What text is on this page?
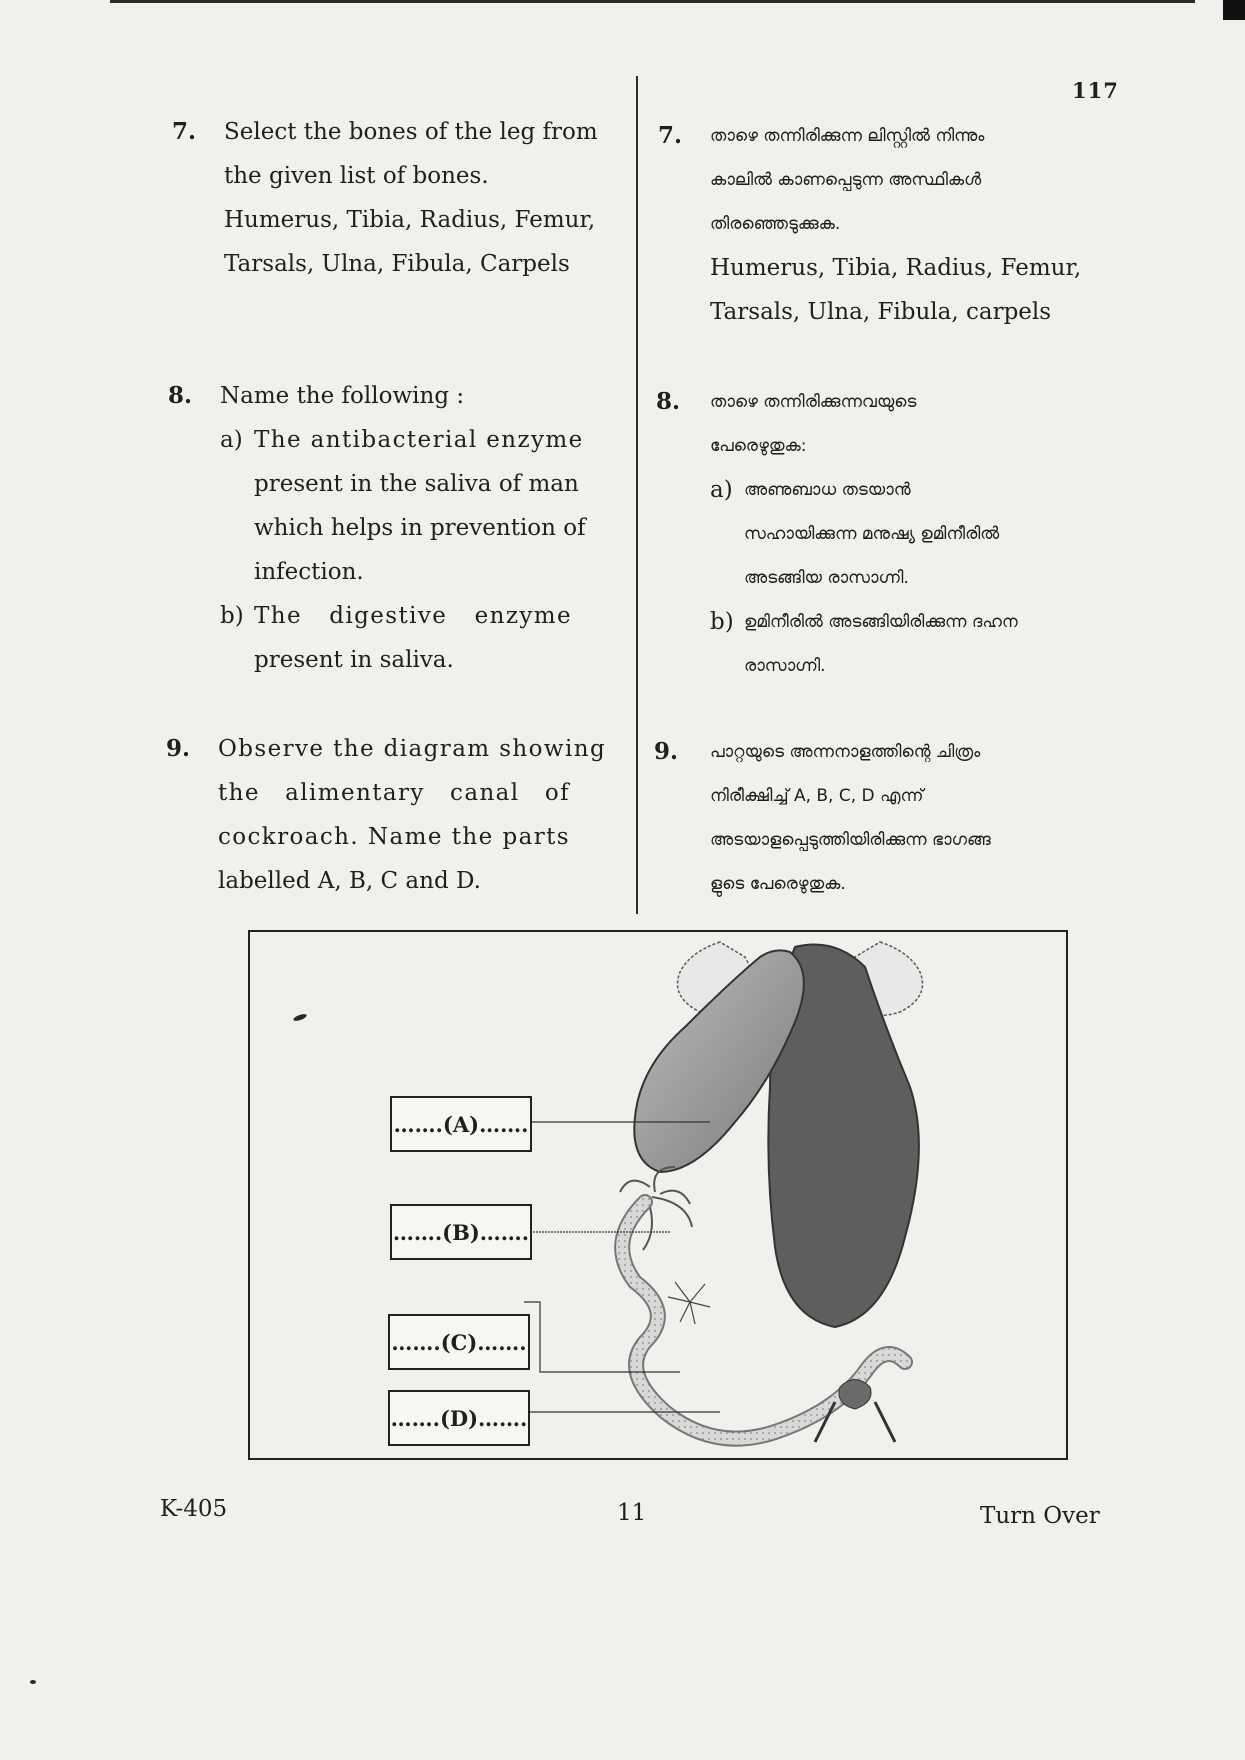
117
7. Select the bones of the leg from
the given list of bones.
Humerus, Tibia, Radius, Femur,
Tarsals, Ulna, Fibula, Carpels
8. Name the following :
a) The antibacterial enzyme
present in the saliva of man
which helps in prevention of
infection.
b) The digestive enzyme
present in saliva.
9. Observe the diagram showing
the alimentary canal of
cockroach. Name the parts
labelled A, B, C and D.
7. താഴെ തന്നിരിക്കുന്ന ലിസ്റ്റിൽ നിന്നും
കാലിൽ കാണപ്പെടുന്ന അസ്ഥികൾ
തിരഞ്ഞെടുക്കുക.
Humerus, Tibia, Radius, Femur,
Tarsals, Ulna, Fibula, carpels
8. താഴെ തന്നിരിക്കുന്നവയുടെ
പേരെഴുതുക:
a) അണുബാധ തടയാൻ
സഹായിക്കുന്ന മനുഷ്യ ഉമിനീരിൽ
അടങ്ങിയ രാസാഗ്നി.
b) ഉമിനീരിൽ അടങ്ങിയിരിക്കുന്ന ദഹന
രാസാഗ്നി.
9. പാറ്റയുടെ അന്നനാളത്തിന്റെ ചിത്രം
നിരീക്ഷിച്ച് A, B, C, D എന്ന്
അടയാളപ്പെടുത്തിയിരിക്കുന്ന ഭാഗങ്ങ
ളുടെ പേരെഴുതുക.
…….(A)…….
…….(B)…….
…….(C)…….
…….(D)…….
K-405	11	Turn Over
